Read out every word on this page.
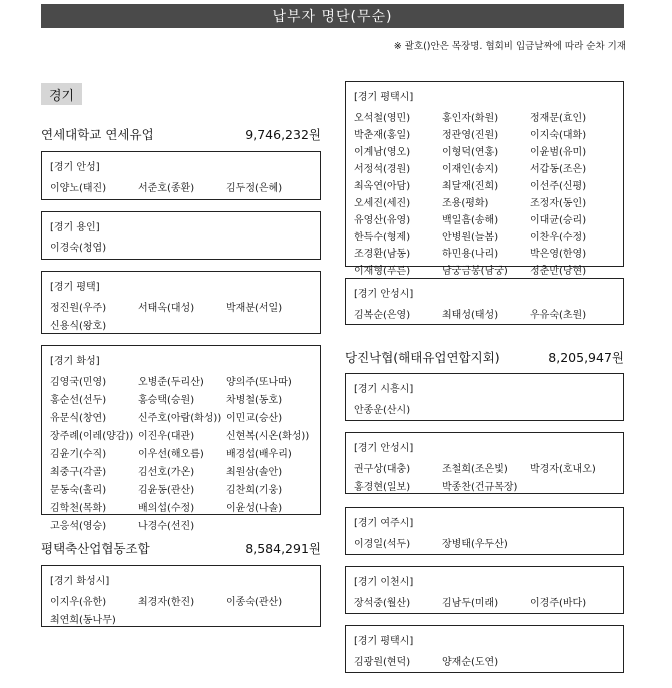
납부자 명단(무순)
※ 괄호()안은 목장명. 협회비 입금날짜에 따라 순차 기재
경기
연세대학교 연세유업	9,746,232원
[경기 안성]
이양노(태진)	서준호(종환)	김두정(은혜)
[경기 용인]
이경숙(청엽)
[경기 평택]
정진원(우주)	서태옥(대성)	박재분(서일)
신용식(왕호)
[경기 화성]
김영국(민영)	오병준(두리산)	양의주(또나따)
홍순선(선두)	홍승택(승원)	차병철(동호)
유문식(창연)	신주호(아람(화성)) 이민교(승산)
장주례(이레(양감)) 이진우(대관)	신현복(시온(화성))
김윤기(수직)	이우선(해오름)	배경섭(배우리)
최중구(각골)	김선호(가온)	최원삼(솔안)
문동숙(홀리)	김윤동(관산)	김찬희(기웅)
김학천(목화)	배의섭(수정)	이윤성(나솔)
고응석(영승)	나경수(선진)
평택축산업협동조합	8,584,291원
[경기 화성시]
이지우(유한)	최경자(한진)	이종숙(관산)
최연희(동나무)
[경기 평택시]
오석철(영민)	홍인자(화원)	정재문(효인)
박춘재(홍일)	정관영(진원)	이지숙(대화)
이계남(영오)	이형덕(연홍)	이윤범(유미)
서정석(경원)	이재인(송지)	서갑동(조은)
최옥연(아담)	최달재(진희)	이선주(신평)
오세진(세진)	조용(평화)	조정자(동인)
유영산(유영)	백일흠(송해)	이대균(승리)
한득수(형제)	안병원(늘봄)	이찬우(수정)
조경환(남동)	하민용(나리)	박은영(한영)
이재형(푸른)	남궁금봉(남궁)	정춘만(당현)
[경기 안성시]
김복순(은영)	최태성(태성)	우유숙(초원)
당진낙협(해태유업연합지회)	8,205,947원
[경기 시흥시]
안종운(산시)
[경기 안성시]
권구상(대충)	조철희(조은빛)	박경자(호내오)
홍경현(일보)	박종찬(건규목장)
[경기 여주시]
이경일(석두)	장병태(우두산)
[경기 이천시]
장석중(월산)	김남두(미래)	이경주(바다)
[경기 평택시]
김광원(현덕)	양재순(도연)
